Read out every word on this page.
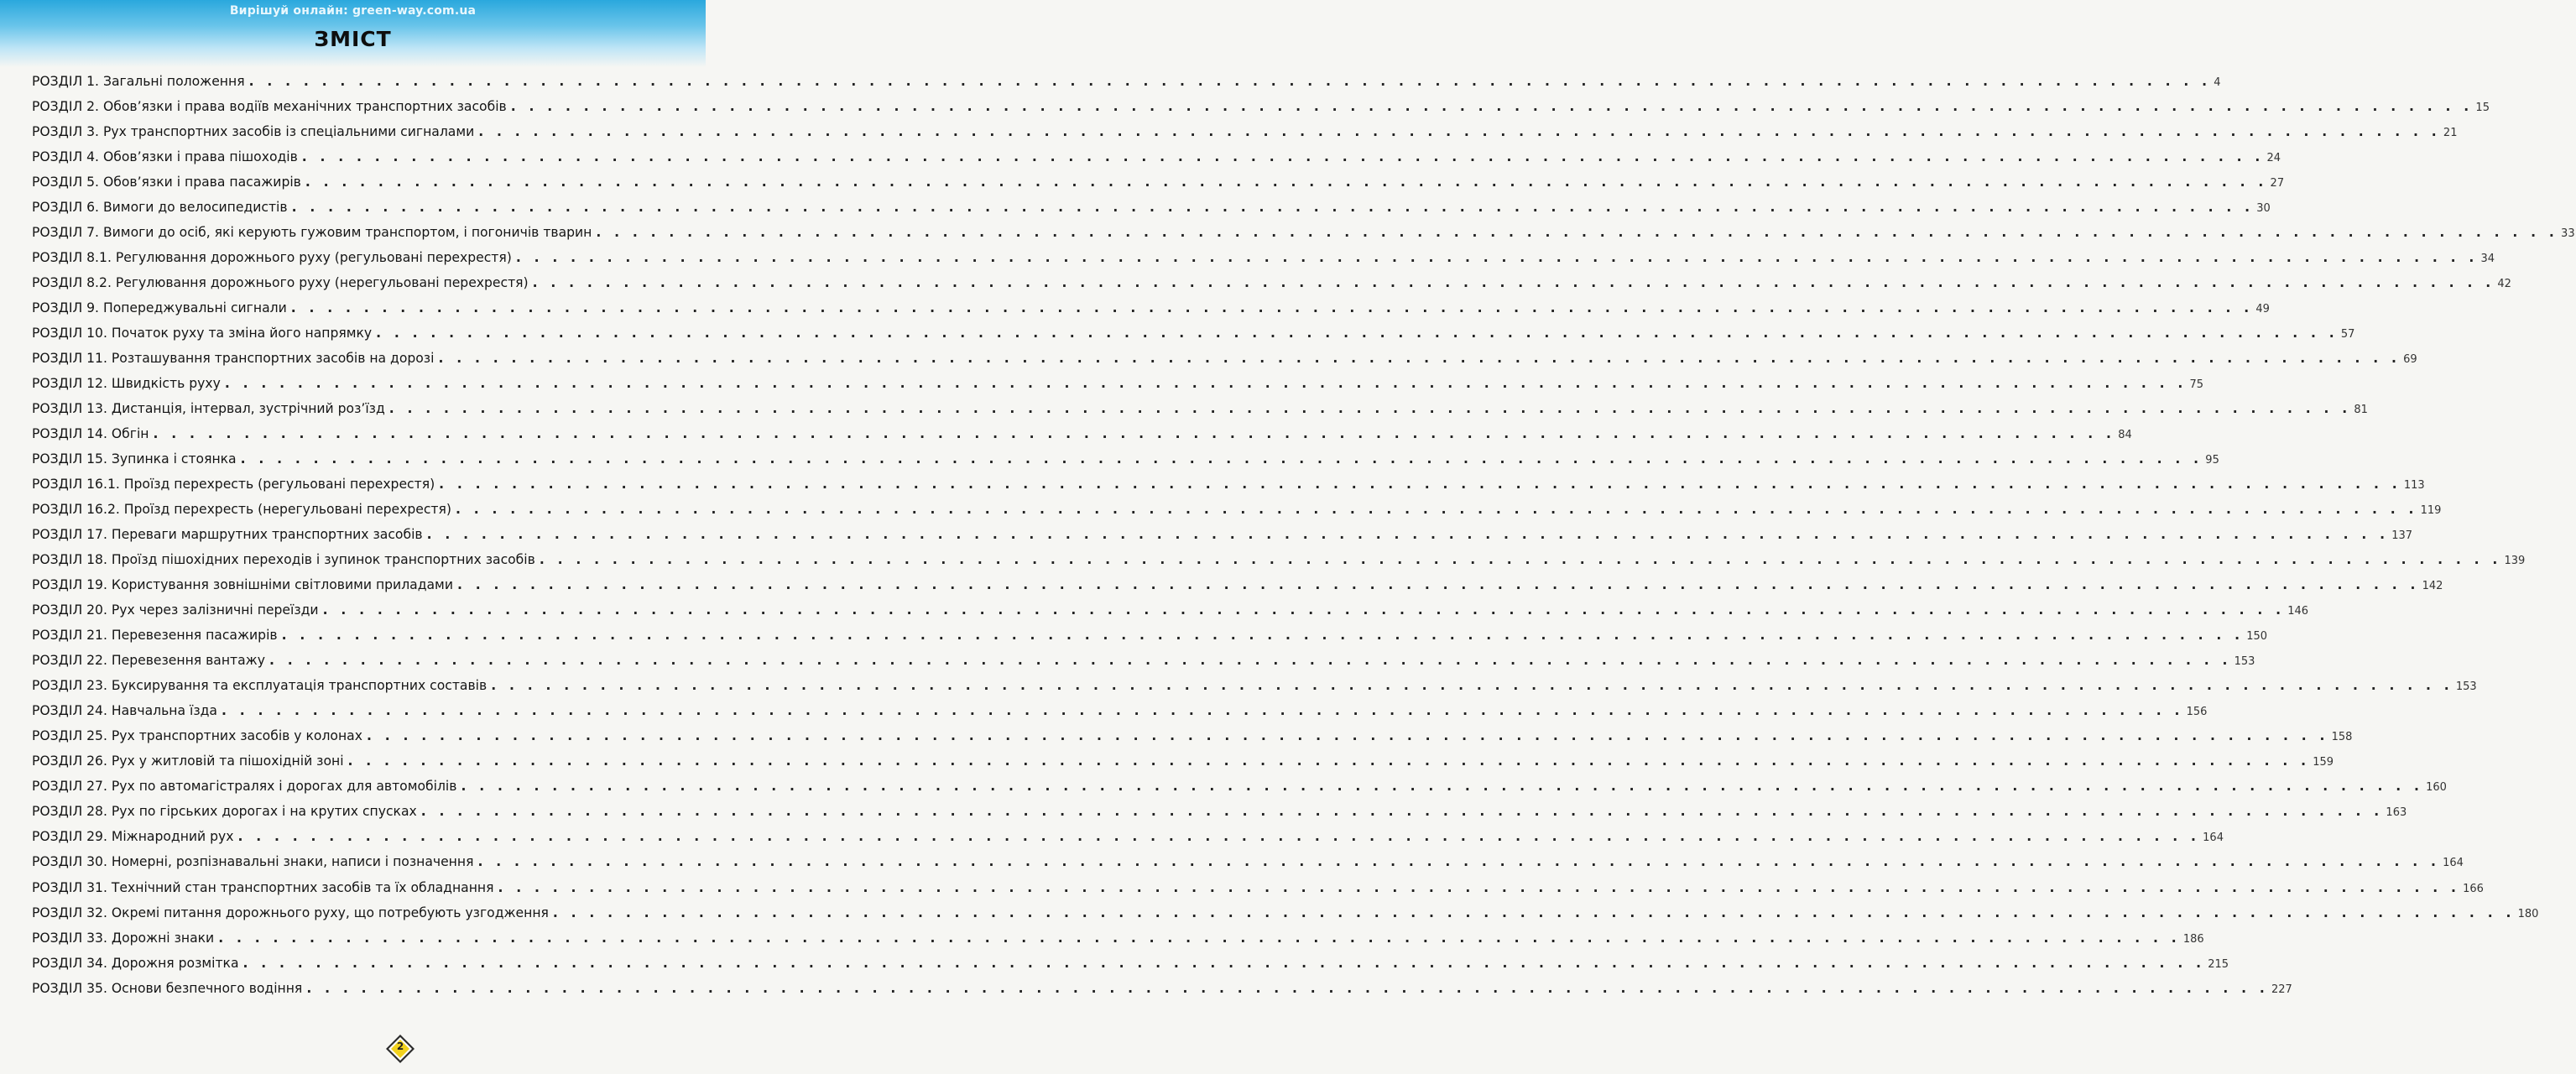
Вирішуй онлайн: green-way.com.ua
ЗМІСТ
РОЗДІЛ 1. Загальні положення . . .	4
РОЗДІЛ 2. Обов’язки і права водіїв механічних транспортних засобів . . .	15
РОЗДІЛ 3. Рух транспортних засобів із спеціальними сигналами . . .	21
РОЗДІЛ 4. Обов’язки і права пішоходів . . .	24
РОЗДІЛ 5. Обов’язки і права пасажирів . . .	27
РОЗДІЛ 6. Вимоги до велосипедистів . . .	30
РОЗДІЛ 7. Вимоги до осіб, які керують гужовим транспортом, і погоничів тварин . . .	33
РОЗДІЛ 8.1. Регулювання дорожнього руху (регульовані перехрестя) . . .	34
РОЗДІЛ 8.2. Регулювання дорожнього руху (нерегульовані перехрестя) . . .	42
РОЗДІЛ 9. Попереджувальні сигнали . . .	49
РОЗДІЛ 10. Початок руху та зміна його напрямку . . .	57
РОЗДІЛ 11. Розташування транспортних засобів на дорозі . . .	69
РОЗДІЛ 12. Швидкість руху . . .	75
РОЗДІЛ 13. Дистанція, інтервал, зустрічний роз’їзд . . .	81
РОЗДІЛ 14. Обгін . . .	84
РОЗДІЛ 15. Зупинка і стоянка . . .	95
РОЗДІЛ 16.1. Проїзд перехресть (регульовані перехрестя) . . .	113
РОЗДІЛ 16.2. Проїзд перехресть (нерегульовані перехрестя) . . .	119
РОЗДІЛ 17. Переваги маршрутних транспортних засобів . . .	137
РОЗДІЛ 18. Проїзд пішохідних переходів і зупинок транспортних засобів . . .	139
РОЗДІЛ 19. Користування зовнішніми світловими приладами . . .	142
РОЗДІЛ 20. Рух через залізничні переїзди . . .	146
РОЗДІЛ 21. Перевезення пасажирів . . .	150
РОЗДІЛ 22. Перевезення вантажу . . .	153
РОЗДІЛ 23. Буксирування та експлуатація транспортних составів . . .	153
РОЗДІЛ 24. Навчальна їзда . . .	156
РОЗДІЛ 25. Рух транспортних засобів у колонах . . .	158
РОЗДІЛ 26. Рух у житловій та пішохідній зоні . . .	159
РОЗДІЛ 27. Рух по автомагістралях і дорогах для автомобілів . . .	160
РОЗДІЛ 28. Рух по гірських дорогах і на крутих спусках . . .	163
РОЗДІЛ 29. Міжнародний рух . . .	164
РОЗДІЛ 30. Номерні, розпізнавальні знаки, написи і позначення . . .	164
РОЗДІЛ 31. Технічний стан транспортних засобів та їх обладнання . . .	166
РОЗДІЛ 32. Окремі питання дорожнього руху, що потребують узгодження . . .	180
РОЗДІЛ 33. Дорожні знаки . . .	186
РОЗДІЛ 34. Дорожня розмітка . . .	215
РОЗДІЛ 35. Основи безпечного водіння . . .	227
2
